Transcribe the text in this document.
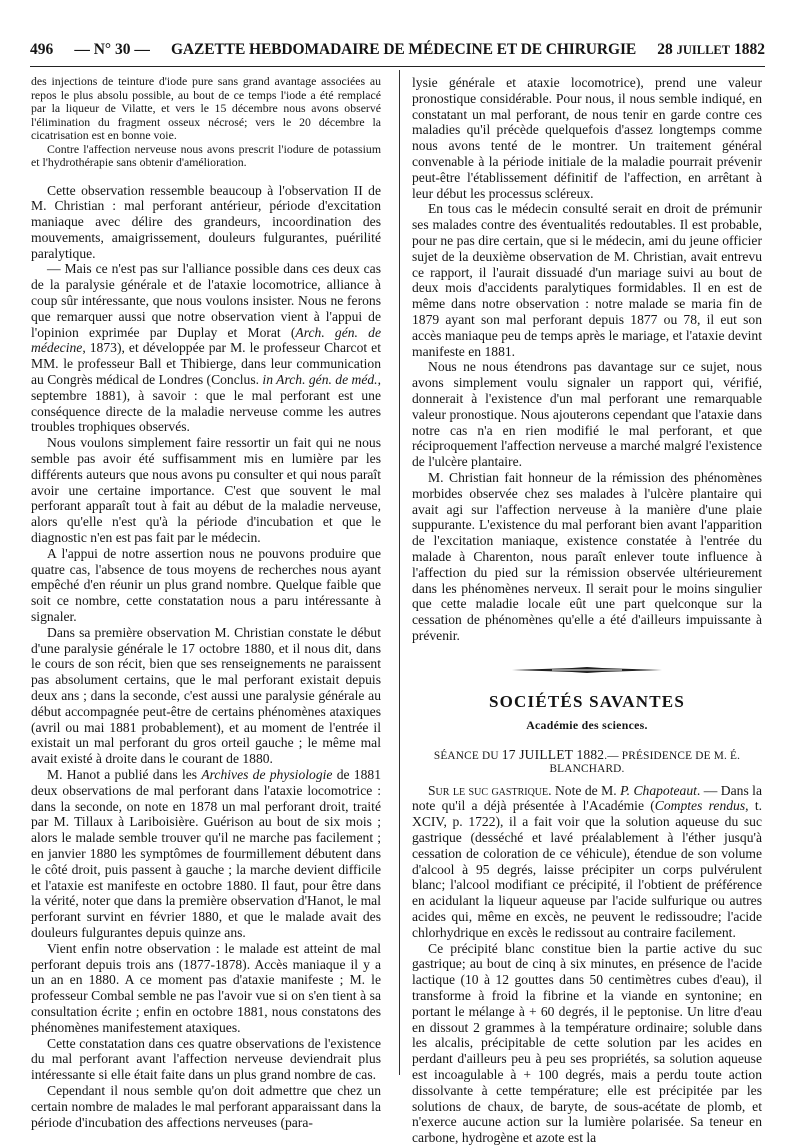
496 — N° 30 — GAZETTE HEBDOMADAIRE DE MÉDECINE ET DE CHIRURGIE 28 JUILLET 1882

des injections de teinture d'iode pure sans grand avantage associées au repos le plus absolu possible, au bout de ce temps l'iode a été remplacé par la liqueur de Vilatte, et vers le 15 décembre nous avons observé l'élimination du fragment osseux nécrosé; vers le 20 décembre la cicatrisation est en bonne voie.

Contre l'affection nerveuse nous avons prescrit l'iodure de potassium et l'hydrothérapie sans obtenir d'amélioration.

Cette observation ressemble beaucoup à l'observation II de M. Christian : mal perforant antérieur, période d'excitation maniaque avec délire des grandeurs, incoordination des mouvements, amaigrissement, douleurs fulgurantes, puérilité paralytique.

— Mais ce n'est pas sur l'alliance possible dans ces deux cas de la paralysie générale et de l'ataxie locomotrice, alliance à coup sûr intéressante, que nous voulons insister. Nous ne ferons que remarquer aussi que notre observation vient à l'appui de l'opinion exprimée par Duplay et Morat (Arch. gén. de médecine, 1873), et développée par M. le professeur Charcot et MM. le professeur Ball et Thibierge, dans leur communication au Congrès médical de Londres (Conclus. in Arch. gén. de méd., septembre 1881), à savoir : que le mal perforant est une conséquence directe de la maladie nerveuse comme les autres troubles trophiques observés.

Nous voulons simplement faire ressortir un fait qui ne nous semble pas avoir été suffisamment mis en lumière par les différents auteurs que nous avons pu consulter et qui nous paraît avoir une certaine importance. C'est que souvent le mal perforant apparaît tout à fait au début de la maladie nerveuse, alors qu'elle n'est qu'à la période d'incubation et que le diagnostic n'en est pas fait par le médecin.

A l'appui de notre assertion nous ne pouvons produire que quatre cas, l'absence de tous moyens de recherches nous ayant empêché d'en réunir un plus grand nombre. Quelque faible que soit ce nombre, cette constatation nous a paru intéressante à signaler.

Dans sa première observation M. Christian constate le début d'une paralysie générale le 17 octobre 1880, et il nous dit, dans le cours de son récit, bien que ses renseignements ne paraissent pas absolument certains, que le mal perforant existait depuis deux ans ; dans la seconde, c'est aussi une paralysie générale au début accompagnée peut-être de certains phénomènes ataxiques (avril ou mai 1881 probablement), et au moment de l'entrée il existait un mal perforant du gros orteil gauche ; le même mal avait existé à droite dans le courant de 1880.

M. Hanot a publié dans les Archives de physiologie de 1881 deux observations de mal perforant dans l'ataxie locomotrice : dans la seconde, on note en 1878 un mal perforant droit, traité par M. Tillaux à Lariboisière. Guérison au bout de six mois ; alors le malade semble trouver qu'il ne marche pas facilement ; en janvier 1880 les symptômes de fourmillement débutent dans le côté droit, puis passent à gauche ; la marche devient difficile et l'ataxie est manifeste en octobre 1880. Il faut, pour être dans la vérité, noter que dans la première observation d'Hanot, le mal perforant survint en février 1880, et que le malade avait des douleurs fulgurantes depuis quinze ans.

Vient enfin notre observation : le malade est atteint de mal perforant depuis trois ans (1877-1878). Accès maniaque il y a un an en 1880. A ce moment pas d'ataxie manifeste ; M. le professeur Combal semble ne pas l'avoir vue si on s'en tient à sa consultation écrite ; enfin en octobre 1881, nous constatons des phénomènes manifestement ataxiques.

Cette constatation dans ces quatre observations de l'existence du mal perforant avant l'affection nerveuse deviendrait plus intéressante si elle était faite dans un plus grand nombre de cas.

Cependant il nous semble qu'on doit admettre que chez un certain nombre de malades le mal perforant apparaissant dans la période d'incubation des affections nerveuses (para-

lysie générale et ataxie locomotrice), prend une valeur pronostique considérable. Pour nous, il nous semble indiqué, en constatant un mal perforant, de nous tenir en garde contre ces maladies qu'il précède quelquefois d'assez longtemps comme nous avons tenté de le montrer. Un traitement général convenable à la période initiale de la maladie pourrait prévenir peut-être l'établissement définitif de l'affection, en arrêtant à leur début les processus scléreux.

En tous cas le médecin consulté serait en droit de prémunir ses malades contre des éventualités redoutables. Il est probable, pour ne pas dire certain, que si le médecin, ami du jeune officier sujet de la deuxième observation de M. Christian, avait entrevu ce rapport, il l'aurait dissuadé d'un mariage suivi au bout de deux mois d'accidents paralytiques formidables. Il en est de même dans notre observation : notre malade se maria fin de 1879 ayant son mal perforant depuis 1877 ou 78, il eut son accès maniaque peu de temps après le mariage, et l'ataxie devint manifeste en 1881.

Nous ne nous étendrons pas davantage sur ce sujet, nous avons simplement voulu signaler un rapport qui, vérifié, donnerait à l'existence d'un mal perforant une remarquable valeur pronostique. Nous ajouterons cependant que l'ataxie dans notre cas n'a en rien modifié le mal perforant, et que réciproquement l'affection nerveuse a marché malgré l'existence de l'ulcère plantaire.

M. Christian fait honneur de la rémission des phénomènes morbides observée chez ses malades à l'ulcère plantaire qui avait agi sur l'affection nerveuse à la manière d'une plaie suppurante. L'existence du mal perforant bien avant l'apparition de l'excitation maniaque, existence constatée à l'entrée du malade à Charenton, nous paraît enlever toute influence à l'affection du pied sur la rémission observée ultérieurement dans les phénomènes nerveux. Il serait pour le moins singulier que cette maladie locale eût une part quelconque sur la cessation de phénomènes qu'elle a été d'ailleurs impuissante à prévenir.

SOCIÉTÉS SAVANTES
Académie des sciences.
SÉANCE DU 17 JUILLET 1882.— PRÉSIDENCE DE M. É. BLANCHARD.

Sur le suc gastrique. Note de M. P. Chapoteaut. — Dans la note qu'il a déjà présentée à l'Académie (Comptes rendus, t. XCIV, p. 1722), il a fait voir que la solution aqueuse du suc gastrique (desséché et lavé préalablement à l'éther jusqu'à cessation de coloration de ce véhicule), étendue de son volume d'alcool à 95 degrés, laisse précipiter un corps pulvérulent blanc; l'alcool modifiant ce précipité, il l'obtient de préférence en acidulant la liqueur aqueuse par l'acide sulfurique ou autres acides qui, même en excès, ne peuvent le redissoudre; l'acide chlorhydrique en excès le redissout au contraire facilement.

Ce précipité blanc constitue bien la partie active du suc gastrique; au bout de cinq à six minutes, en présence de l'acide lactique (10 à 12 gouttes dans 50 centimètres cubes d'eau), il transforme à froid la fibrine et la viande en syntonine; en portant le mélange à + 60 degrés, il le peptonise. Un litre d'eau en dissout 2 grammes à la température ordinaire; soluble dans les alcalis, précipitable de cette solution par les acides en perdant d'ailleurs peu à peu ses propriétés, sa solution aqueuse est incoagulable à + 100 degrés, mais a perdu toute action dissolvante à cette température; elle est précipitée par les solutions de chaux, de baryte, de sous-acétate de plomb, et n'exerce aucune action sur la lumière polarisée. Sa teneur en carbone, hydrogène et azote est la
